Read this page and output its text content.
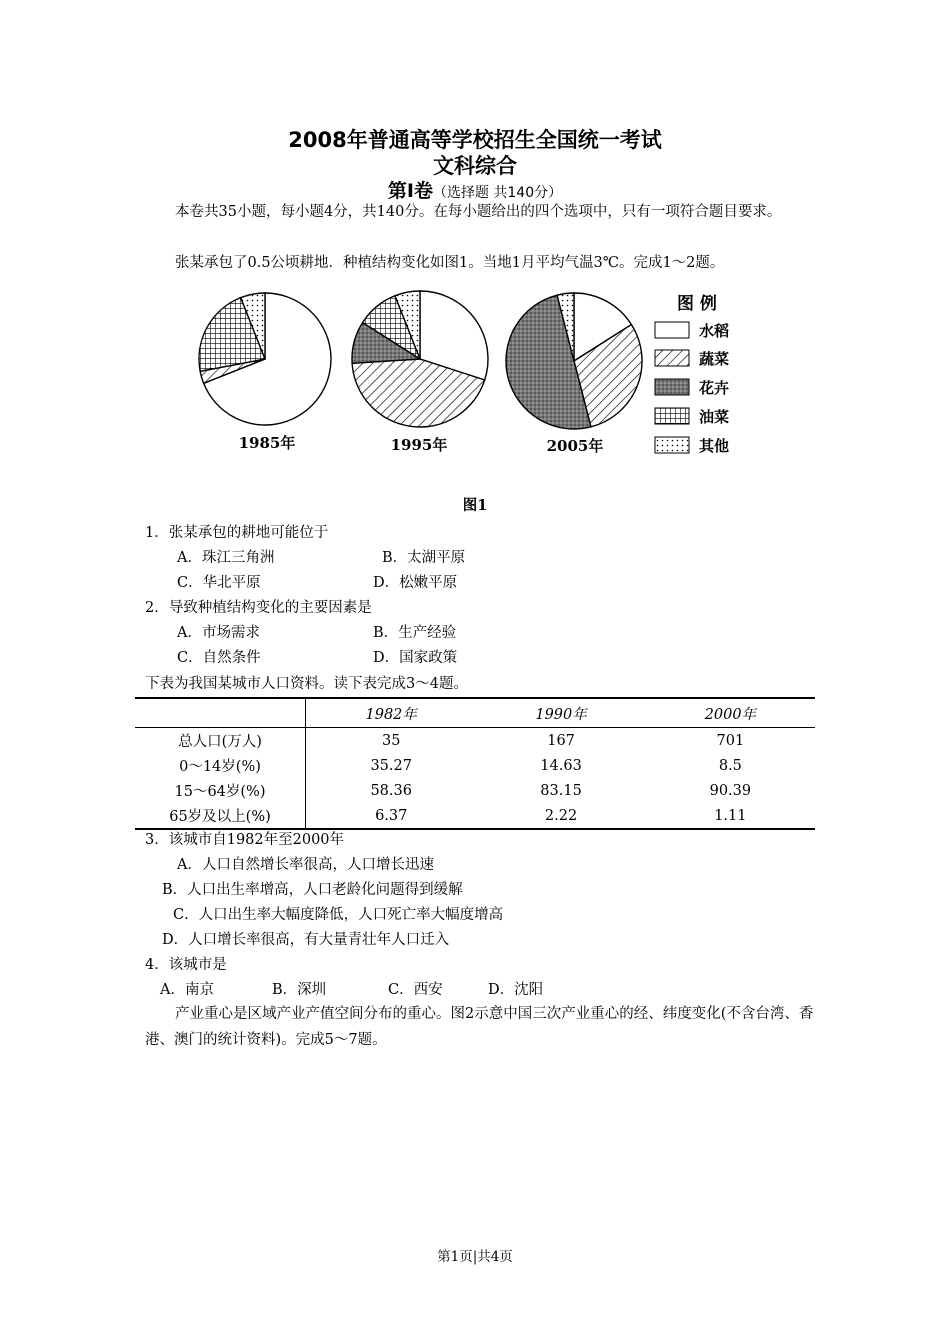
2008年普通高等学校招生全国统一考试
文科综合
第Ⅰ卷（选择题 共140分）
本卷共35小题，每小题4分，共140分。在每小题给出的四个选项中，只有一项符合题目要求。
张某承包了0.5公顷耕地．种植结构变化如图1。当地1月平均气温3℃。完成1～2题。
1985年	1995年	2005年
图 例
水稻
蔬菜
花卉
油菜
其他
图1
1．张某承包的耕地可能位于
A．珠江三角洲	B．太湖平原
C．华北平原	D．松嫩平原
2．导致种植结构变化的主要因素是
A．市场需求	B．生产经验
C．自然条件	D．国家政策
下表为我国某城市人口资料。读下表完成3～4题。
	1982年	1990年	2000年
总人口(万人)	35	167	701
0～14岁(%)	35.27	14.63	8.5
15～64岁(%)	58.36	83.15	90.39
65岁及以上(%)	6.37	2.22	1.11
3．该城市自1982年至2000年
A．人口自然增长率很高，人口增长迅速
B．人口出生率增高，人口老龄化问题得到缓解
C．人口出生率大幅度降低，人口死亡率大幅度增高
D．人口增长率很高，有大量青壮年人口迁入
4．该城市是
A．南京	B．深圳	C．西安	D．沈阳
产业重心是区域产业产值空间分布的重心。图2示意中国三次产业重心的经、纬度变化(不含台湾、香港、澳门的统计资料)。完成5～7题。
第1页|共4页
